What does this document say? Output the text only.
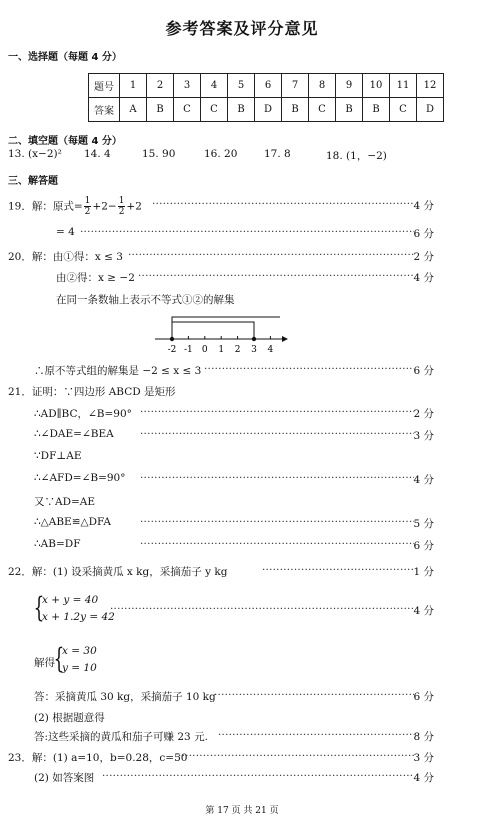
参考答案及评分意见
一、选择题（每题 4 分）
题号	1	2	3	4	5	6	7	8	9	10	11	12
答案	A	B	C	C	B	D	B	C	B	B	C	D
二、填空题（每题 4 分）
13. (x−2)² 14. 4	15. 90	16. 20	17. 8	18. (1，−2)
三、解答题
19．解：原式= $\frac{1}{2} +2- \frac{1}{2} +2$ ·····	4 分
= 4 ·····	6 分
20．解：由①得：x ≤ 3 ·····	2 分
由②得：x ≥ −2 ·····	4 分
在同一条数轴上表示不等式①②的解集
-2 -1 0 1 2 3 4
∴原不等式组的解集是 −2 ≤ x ≤ 3 ·····	6 分
21．证明：∵四边形 ABCD 是矩形
∴AD∥BC，∠B=90° ·····	2 分
∴∠DAE=∠BEA ·····	3 分
∵DF⊥AE
∴∠AFD=∠B=90° ·····	4 分
又∵AD=AE
∴△ABE≌△DFA ·····	5 分
∴AB=DF ·····	6 分
22．解：(1) 设采摘黄瓜 x kg，采摘茄子 y kg ·····	1 分
{
x + y = 40
x + 1.2y = 42 ·····	4 分
解得
{
x = 30
y = 10
答：采摘黄瓜 30 kg，采摘茄子 10 kg ·····	6 分
(2) 根据题意得
答:这些采摘的黄瓜和茄子可赚 23 元. ·····	8 分
23．解：(1) a=10，b=0.28，c=50 ·····	3 分
(2) 如答案图 ·····	4 分
第 17 页 共 21 页
